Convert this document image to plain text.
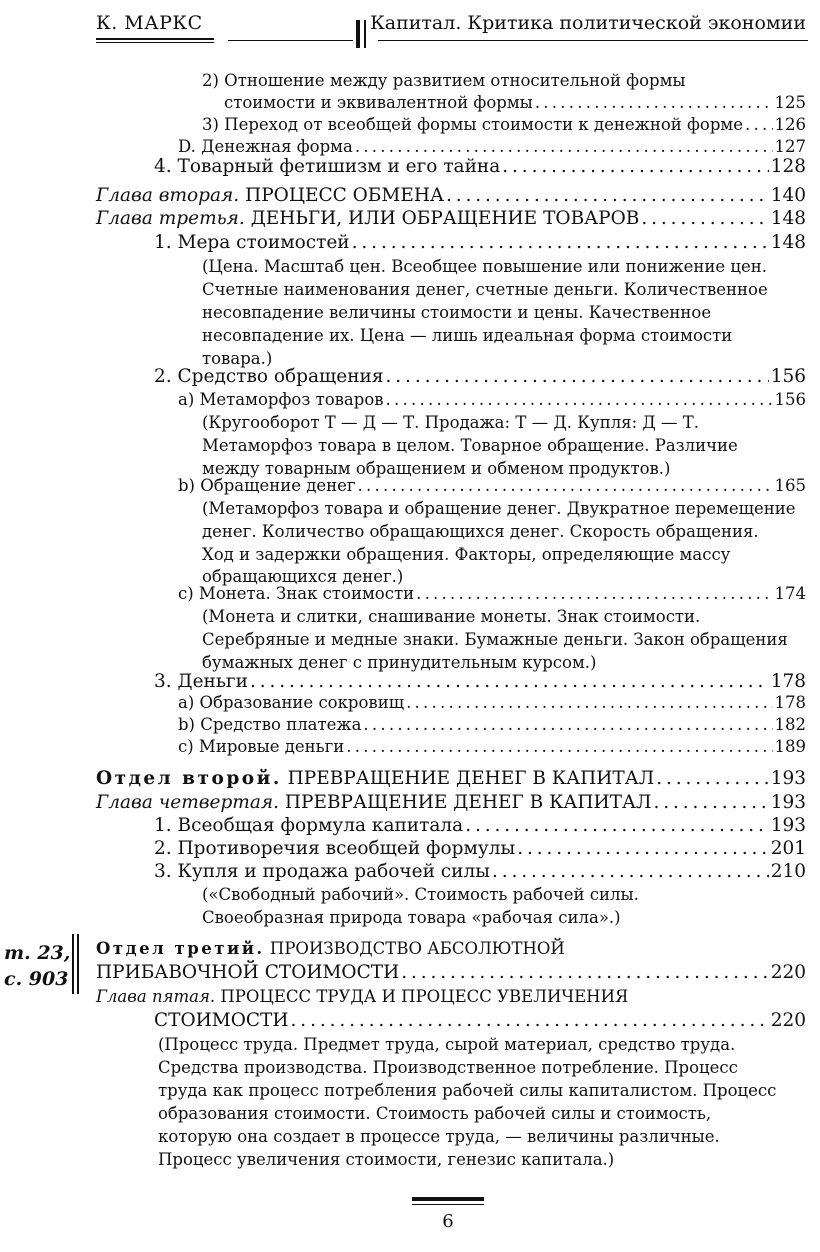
К. МАРКС	Капитал. Критика политической экономии
2) Отношение между развитием относительной формы
стоимости и эквивалентной формы . . .	125
3) Переход от всеобщей формы стоимости к денежной форме . . . 126
D. Денежная форма . . .	127
4. Товарный фетишизм и его тайна . . .	128
Глава вторая. ПРОЦЕСС ОБМЕНА . . .	140
Глава третья. ДЕНЬГИ, ИЛИ ОБРАЩЕНИЕ ТОВАРОВ . . .	148
1. Мера стоимостей . . .	148
(Цена. Масштаб цен. Всеобщее повышение или понижение цен.
Счетные наименования денег, счетные деньги. Количественное
несовпадение величины стоимости и цены. Качественное
несовпадение их. Цена — лишь идеальная форма стоимости
товара.)
2. Средство обращения . . .	156
a) Метаморфоз товаров . . .	156
(Кругооборот Т — Д — Т. Продажа: Т — Д. Купля: Д — Т.
Метаморфоз товара в целом. Товарное обращение. Различие
между товарным обращением и обменом продуктов.)
b) Обращение денег . . .	165
(Метаморфоз товара и обращение денег. Двукратное перемещение
денег. Количество обращающихся денег. Скорость обращения.
Ход и задержки обращения. Факторы, определяющие массу
обращающихся денег.)
c) Монета. Знак стоимости . . .	174
(Монета и слитки, снашивание монеты. Знак стоимости.
Серебряные и медные знаки. Бумажные деньги. Закон обращения
бумажных денег с принудительным курсом.)
3. Деньги . . .	178
a) Образование сокровищ . . .	178
b) Средство платежа . . .	182
c) Мировые деньги . . .	189
Отдел второй. ПРЕВРАЩЕНИЕ ДЕНЕГ В КАПИТАЛ . . .	193
Глава четвертая. ПРЕВРАЩЕНИЕ ДЕНЕГ В КАПИТАЛ . . .	193
1. Всеобщая формула капитала . . .	193
2. Противоречия всеобщей формулы . . .	201
3. Купля и продажа рабочей силы . . .	210
(«Свободный рабочий». Стоимость рабочей силы.
Своеобразная природа товара «рабочая сила».)
т. 23,
с. 903
Отдел третий. ПРОИЗВОДСТВО АБСОЛЮТНОЙ
ПРИБАВОЧНОЙ СТОИМОСТИ . . .	220
Глава пятая. ПРОЦЕСС ТРУДА И ПРОЦЕСС УВЕЛИЧЕНИЯ
СТОИМОСТИ . . .	220
(Процесс труда. Предмет труда, сырой материал, средство труда.
Средства производства. Производственное потребление. Процесс
труда как процесс потребления рабочей силы капиталистом. Процесс
образования стоимости. Стоимость рабочей силы и стоимость,
которую она создает в процессе труда, — величины различные.
Процесс увеличения стоимости, генезис капитала.)
6
